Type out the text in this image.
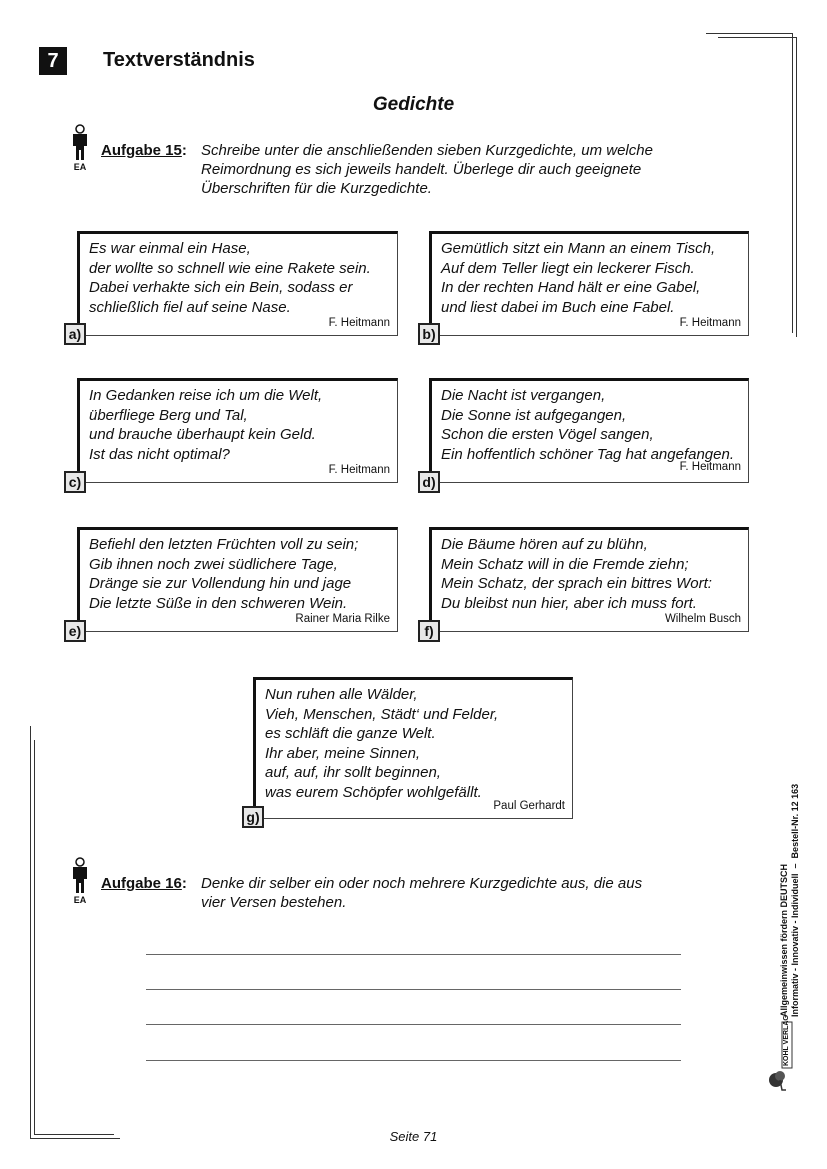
7	Textverständnis
Gedichte
EA
Aufgabe 15: Schreibe unter die anschließenden sieben Kurzgedichte, um welche
Reimordnung es sich jeweils handelt. Überlege dir auch geeignete
Überschriften für die Kurzgedichte.
Es war einmal ein Hase,
der wollte so schnell wie eine Rakete sein.
Dabei verhakte sich ein Bein, sodass er
schließlich fiel auf seine Nase.
F. Heitmann
a)
Gemütlich sitzt ein Mann an einem Tisch,
Auf dem Teller liegt ein leckerer Fisch.
In der rechten Hand hält er eine Gabel,
und liest dabei im Buch eine Fabel.
F. Heitmann
b)
In Gedanken reise ich um die Welt,
überfliege Berg und Tal,
und brauche überhaupt kein Geld.
Ist das nicht optimal?
F. Heitmann
c)
Die Nacht ist vergangen,
Die Sonne ist aufgegangen,
Schon die ersten Vögel sangen,
Ein hoffentlich schöner Tag hat angefangen.
F. Heitmann
d)
Befiehl den letzten Früchten voll zu sein;
Gib ihnen noch zwei südlichere Tage,
Dränge sie zur Vollendung hin und jage
Die letzte Süße in den schweren Wein.
Rainer Maria Rilke
e)
Die Bäume hören auf zu blühn,
Mein Schatz will in die Fremde ziehn;
Mein Schatz, der sprach ein bittres Wort:
Du bleibst nun hier, aber ich muss fort.
Wilhelm Busch
f)
Nun ruhen alle Wälder,
Vieh, Menschen, Städt‘ und Felder,
es schläft die ganze Welt.
Ihr aber, meine Sinnen,
auf, auf, ihr sollt beginnen,
was eurem Schöpfer wohlgefällt.
Paul Gerhardt
g)
EA
Aufgabe 16: Denke dir selber ein oder noch mehrere Kurzgedichte aus, die aus
vier Versen bestehen.	Allgemeinwissen fördern DEUTSCH Informativ - Innovativ - Individuell  –  Bestell-Nr. 12 163
KOHL VERLAG
Seite 71
